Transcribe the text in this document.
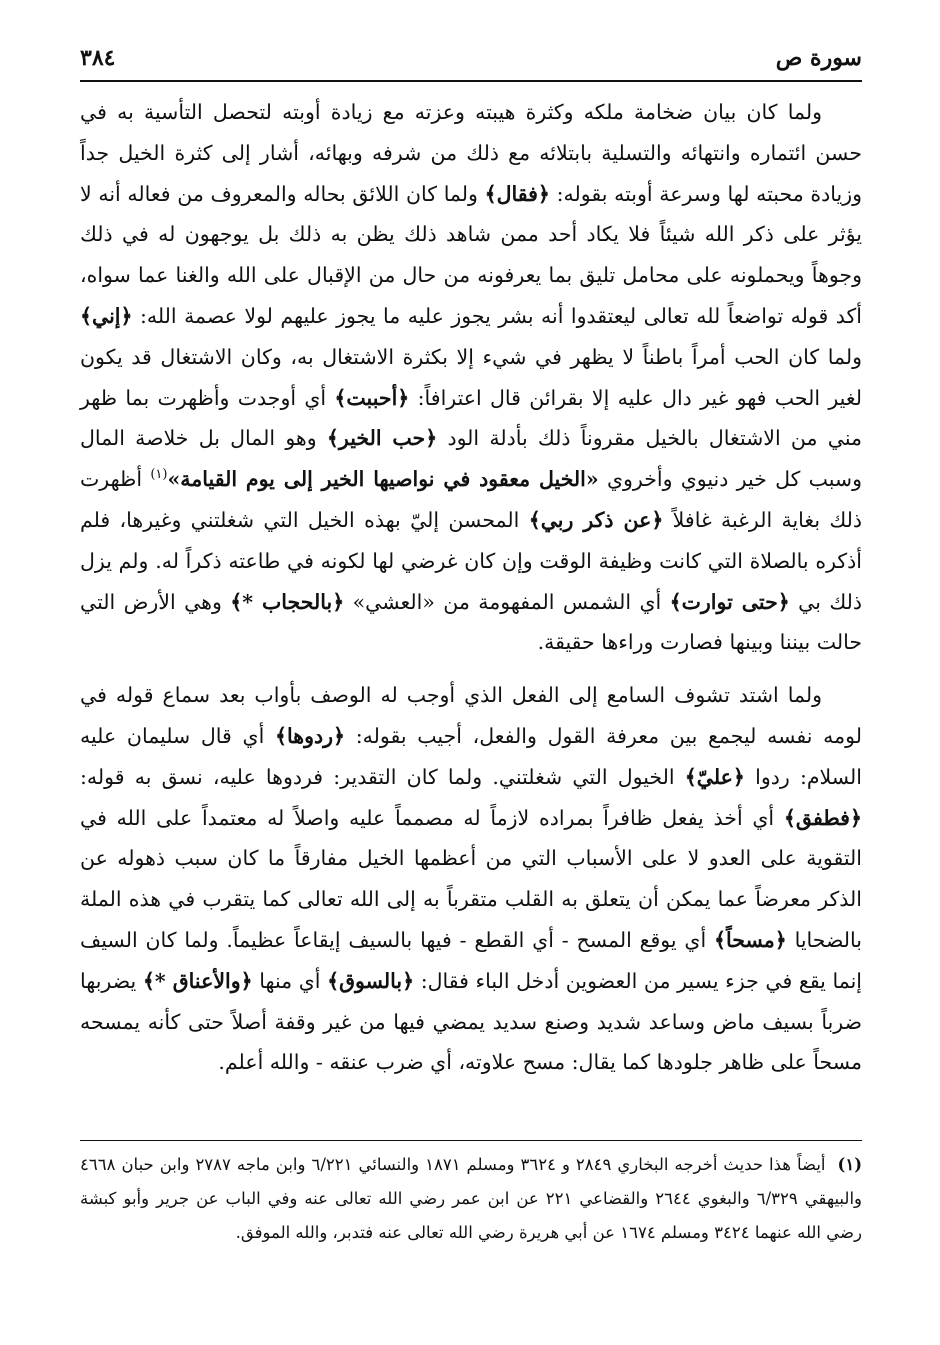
سورة ص
٣٨٤

ولما كان بيان ضخامة ملكه وكثرة هيبته وعزته مع زيادة أوبته لتحصل التأسية به في حسن ائتماره وانتهائه والتسلية بابتلائه مع ذلك من شرفه وبهائه، أشار إلى كثرة الخيل جداً وزيادة محبته لها وسرعة أوبته بقوله: ﴿فقال﴾ ولما كان اللائق بحاله والمعروف من فعاله أنه لا يؤثر على ذكر الله شيئاً فلا يكاد أحد ممن شاهد ذلك يظن به ذلك بل يوجهون له في ذلك وجوهاً ويحملونه على محامل تليق بما يعرفونه من حال من الإقبال على الله والغنا عما سواه، أكد قوله تواضعاً لله تعالى ليعتقدوا أنه بشر يجوز عليه ما يجوز عليهم لولا عصمة الله: ﴿إني﴾ ولما كان الحب أمراً باطناً لا يظهر في شيء إلا بكثرة الاشتغال به، وكان الاشتغال قد يكون لغير الحب فهو غير دال عليه إلا بقرائن قال اعترافاً: ﴿أحببت﴾ أي أوجدت وأظهرت بما ظهر مني من الاشتغال بالخيل مقروناً ذلك بأدلة الود ﴿حب الخير﴾ وهو المال بل خلاصة المال وسبب كل خير دنيوي وأخروي «الخيل معقود في نواصيها الخير إلى يوم القيامة»$^{(١)}$ أظهرت ذلك بغاية الرغبة غافلاً ﴿عن ذكر ربي﴾ المحسن إليّ بهذه الخيل التي شغلتني وغيرها، فلم أذكره بالصلاة التي كانت وظيفة الوقت وإن كان غرضي لها لكونه في طاعته ذكراً له. ولم يزل ذلك بي ﴿حتى توارت﴾ أي الشمس المفهومة من «العشي» ﴿بالحجاب *﴾ وهي الأرض التي حالت بيننا وبينها فصارت وراءها حقيقة.

ولما اشتد تشوف السامع إلى الفعل الذي أوجب له الوصف بأواب بعد سماع قوله في لومه نفسه ليجمع بين معرفة القول والفعل، أجيب بقوله: ﴿ردوها﴾ أي قال سليمان عليه السلام: ردوا ﴿عليّ﴾ الخيول التي شغلتني. ولما كان التقدير: فردوها عليه، نسق به قوله: ﴿فطفق﴾ أي أخذ يفعل ظافراً بمراده لازماً له مصمماً عليه واصلاً له معتمداً على الله في التقوية على العدو لا على الأسباب التي من أعظمها الخيل مفارقاً ما كان سبب ذهوله عن الذكر معرضاً عما يمكن أن يتعلق به القلب متقرباً به إلى الله تعالى كما يتقرب في هذه الملة بالضحايا ﴿مسحاً﴾ أي يوقع المسح - أي القطع - فيها بالسيف إيقاعاً عظيماً. ولما كان السيف إنما يقع في جزء يسير من العضوين أدخل الباء فقال: ﴿بالسوق﴾ أي منها ﴿والأعناق *﴾ يضربها ضرباً بسيف ماض وساعد شديد وصنع سديد يمضي فيها من غير وقفة أصلاً حتى كأنه يمسحه مسحاً على ظاهر جلودها كما يقال: مسح علاوته، أي ضرب عنقه - والله أعلم.

(١) أيضاً هذا حديث أخرجه البخاري ٢٨٤٩ و ٣٦٢٤ ومسلم ١٨٧١ والنسائي ٦/٢٢١ وابن ماجه ٢٧٨٧ وابن حبان ٤٦٦٨ والبيهقي ٦/٣٢٩ والبغوي ٢٦٤٤ والقضاعي ٢٢١ عن ابن عمر رضي الله تعالى عنه وفي الباب عن جرير وأبو كبشة رضي الله عنهما ٣٤٢٤ ومسلم ١٦٧٤ عن أبي هريرة رضي الله تعالى عنه فتدبر، والله الموفق.
